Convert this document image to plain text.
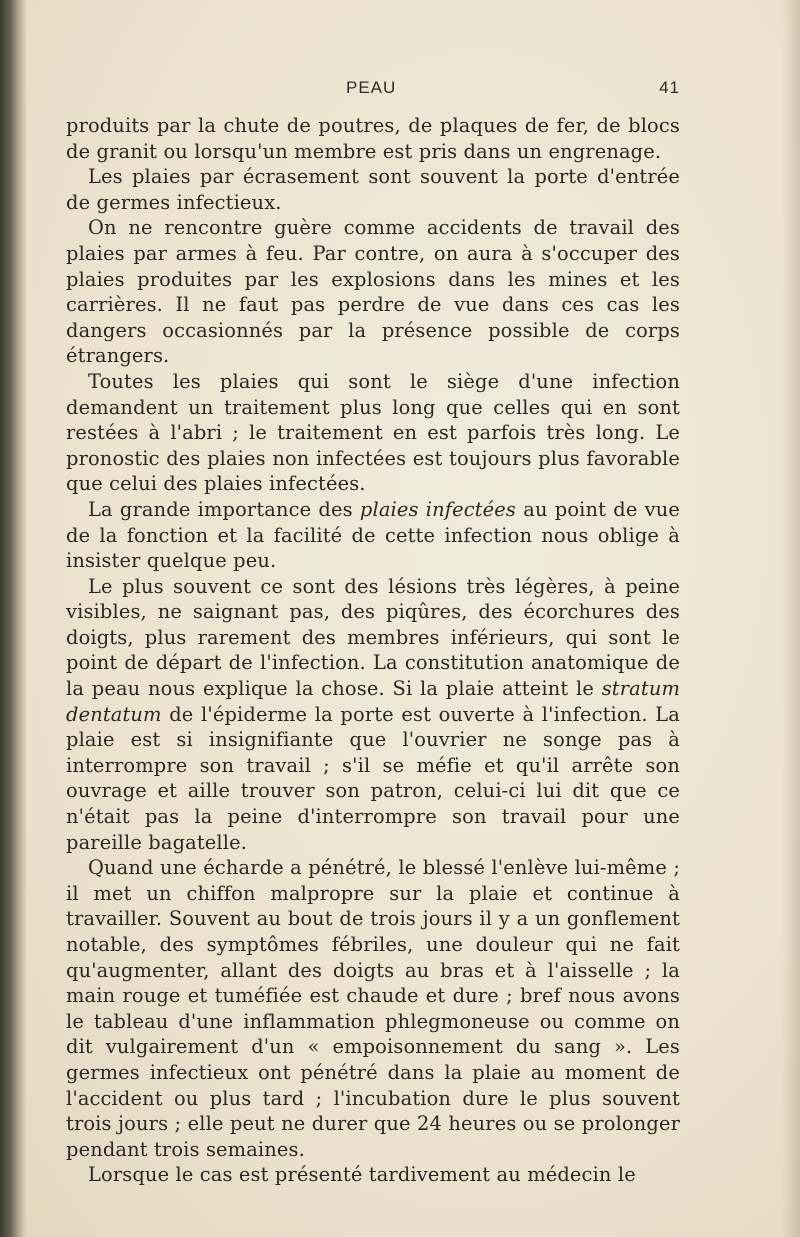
PEAU	41

produits par la chute de poutres, de plaques de fer, de blocs de granit ou lorsqu'un membre est pris dans un engrenage.

Les plaies par écrasement sont souvent la porte d'entrée de germes infectieux.

On ne rencontre guère comme accidents de travail des plaies par armes à feu. Par contre, on aura à s'occuper des plaies produites par les explosions dans les mines et les carrières. Il ne faut pas perdre de vue dans ces cas les dangers occasionnés par la présence possible de corps étrangers.

Toutes les plaies qui sont le siège d'une infection demandent un traitement plus long que celles qui en sont restées à l'abri ; le traitement en est parfois très long. Le pronostic des plaies non infectées est toujours plus favorable que celui des plaies infectées.

La grande importance des plaies infectées au point de vue de la fonction et la facilité de cette infection nous oblige à insister quelque peu.

Le plus souvent ce sont des lésions très légères, à peine visibles, ne saignant pas, des piqûres, des écorchures des doigts, plus rarement des membres inférieurs, qui sont le point de départ de l'infection. La constitution anatomique de la peau nous explique la chose. Si la plaie atteint le stratum dentatum de l'épiderme la porte est ouverte à l'infection. La plaie est si insignifiante que l'ouvrier ne songe pas à interrompre son travail ; s'il se méfie et qu'il arrête son ouvrage et aille trouver son patron, celui-ci lui dit que ce n'était pas la peine d'interrompre son travail pour une pareille bagatelle.

Quand une écharde a pénétré, le blessé l'enlève lui-même ; il met un chiffon malpropre sur la plaie et continue à travailler. Souvent au bout de trois jours il y a un gonflement notable, des symptômes fébriles, une douleur qui ne fait qu'augmenter, allant des doigts au bras et à l'aisselle ; la main rouge et tuméfiée est chaude et dure ; bref nous avons le tableau d'une inflammation phlegmoneuse ou comme on dit vulgairement d'un « empoisonnement du sang ». Les germes infectieux ont pénétré dans la plaie au moment de l'accident ou plus tard ; l'incubation dure le plus souvent trois jours ; elle peut ne durer que 24 heures ou se prolonger pendant trois semaines.

Lorsque le cas est présenté tardivement au médecin le
